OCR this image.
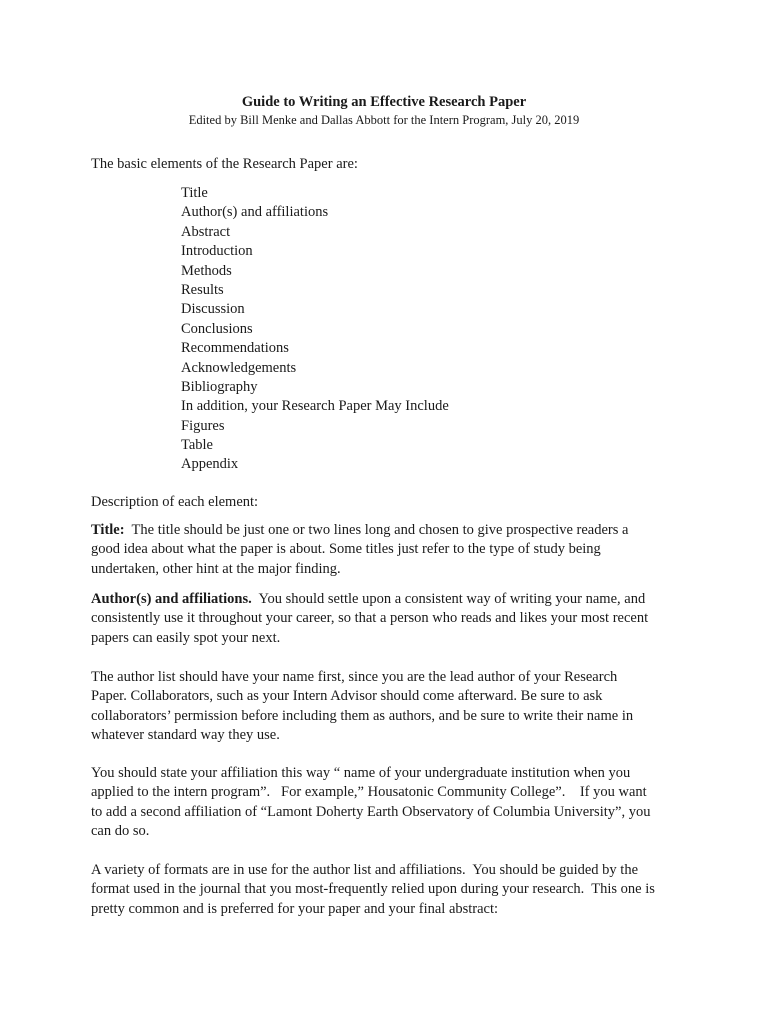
Guide to Writing an Effective Research Paper

Edited by Bill Menke and Dallas Abbott for the Intern Program, July 20, 2019

The basic elements of the Research Paper are:

Title
Author(s) and affiliations
Abstract
Introduction
Methods
Results
Discussion
Conclusions
Recommendations
Acknowledgements
Bibliography
In addition, your Research Paper May Include
Figures
Table
Appendix

Description of each element:

Title:  The title should be just one or two lines long and chosen to give prospective readers a
good idea about what the paper is about. Some titles just refer to the type of study being
undertaken, other hint at the major finding.

Author(s) and affiliations.  You should settle upon a consistent way of writing your name, and
consistently use it throughout your career, so that a person who reads and likes your most recent
papers can easily spot your next.

The author list should have your name first, since you are the lead author of your Research
Paper. Collaborators, such as your Intern Advisor should come afterward. Be sure to ask
collaborators’ permission before including them as authors, and be sure to write their name in
whatever standard way they use.

You should state your affiliation this way “ name of your undergraduate institution when you
applied to the intern program”.   For example,” Housatonic Community College”.    If you want
to add a second affiliation of “Lamont Doherty Earth Observatory of Columbia University”, you
can do so.

A variety of formats are in use for the author list and affiliations.  You should be guided by the
format used in the journal that you most-frequently relied upon during your research.  This one is
pretty common and is preferred for your paper and your final abstract:
